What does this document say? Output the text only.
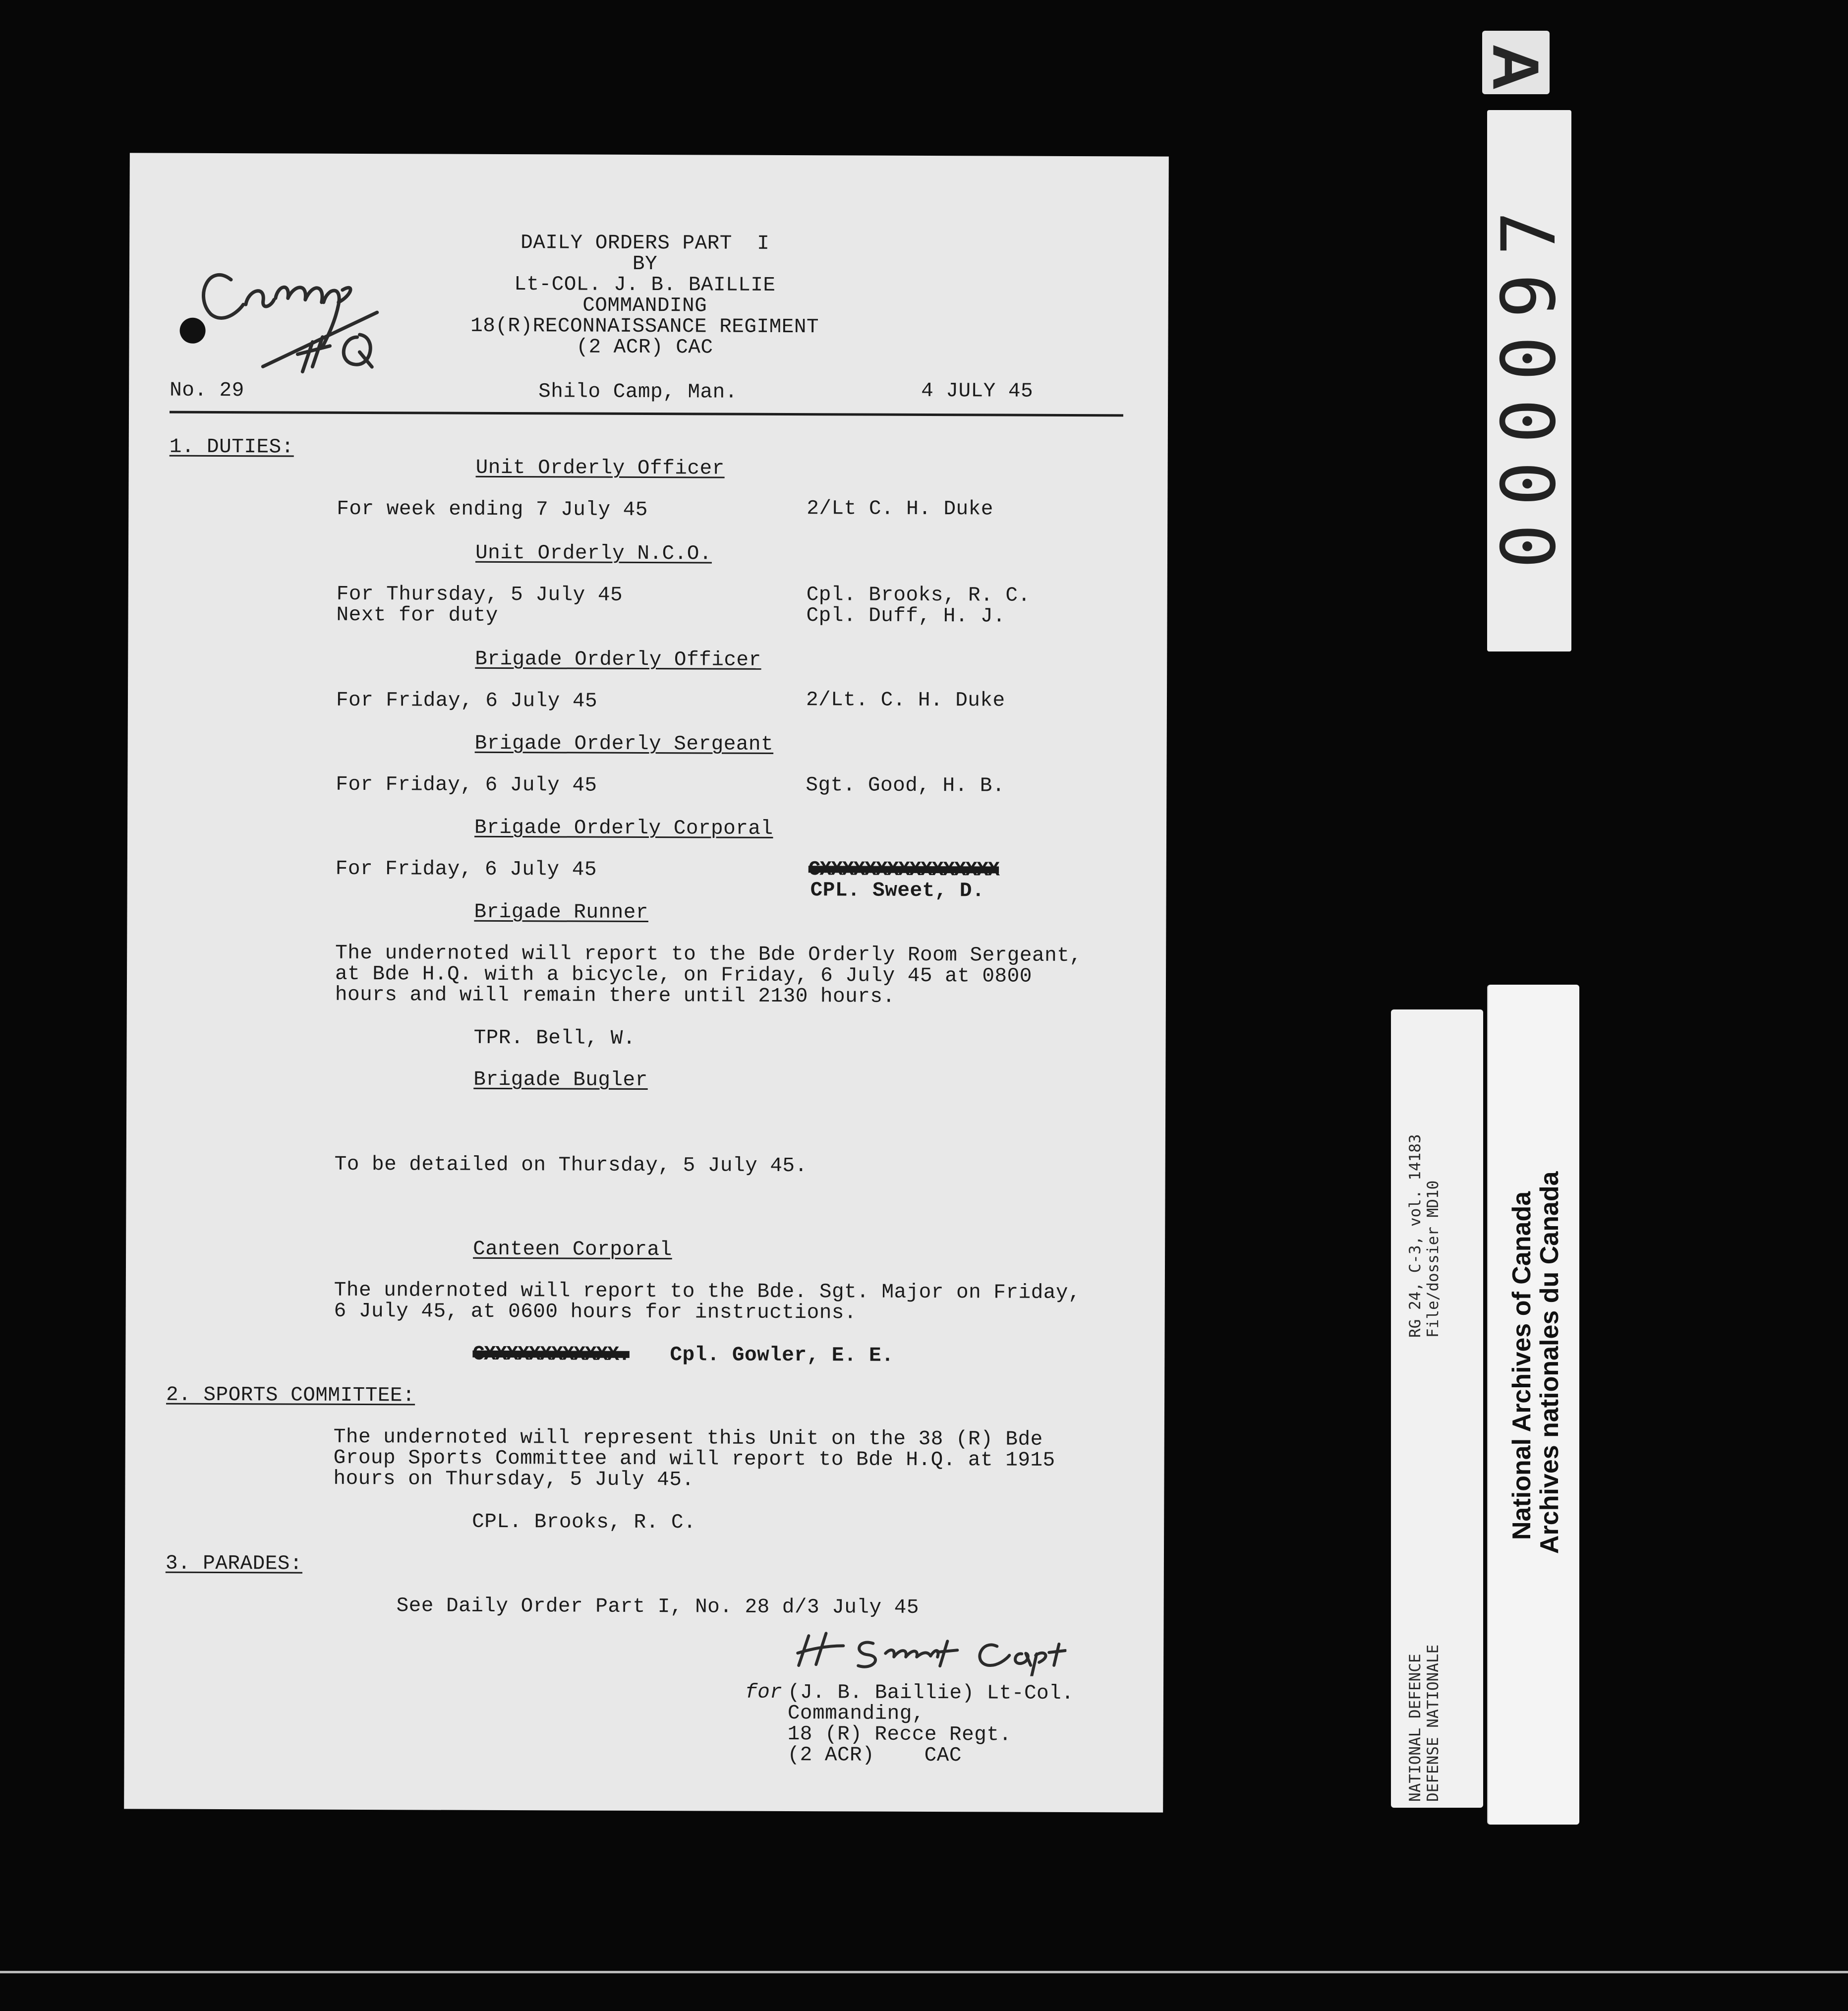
DAILY ORDERS PART  I
BY
Lt-COL. J. B. BAILLIE
COMMANDING
18(R)RECONNAISSANCE REGIMENT
(2 ACR) CAC
No. 29	Shilo Camp, Man.	4 JULY 45
1. DUTIES:
Unit Orderly Officer
For week ending 7 July 45	2/Lt C. H. Duke
Unit Orderly N.C.O.
For Thursday, 5 July 45	Cpl. Brooks, R. C.
Next for duty	Cpl. Duff, H. J.
Brigade Orderly Officer
For Friday, 6 July 45	2/Lt. C. H. Duke
Brigade Orderly Sergeant
For Friday, 6 July 45	Sgt. Good, H. B.
Brigade Orderly Corporal
For Friday, 6 July 45	CXXXXXXXXXXXXXXXX
CPL. Sweet, D.
Brigade Runner
The undernoted will report to the Bde Orderly Room Sergeant,
at Bde H.Q. with a bicycle, on Friday, 6 July 45 at 0800
hours and will remain there until 2130 hours.
TPR. Bell, W.
Brigade Bugler
To be detailed on Thursday, 5 July 45.
Canteen Corporal
The undernoted will report to the Bde. Sgt. Major on Friday,
6 July 45, at 0600 hours for instructions.
CXXXXXXXXXXXX. Cpl. Gowler, E. E.
2. SPORTS COMMITTEE:
The undernoted will represent this Unit on the 38 (R) Bde
Group Sports Committee and will report to Bde H.Q. at 1915
hours on Thursday, 5 July 45.
CPL. Brooks, R. C.
3. PARADES:
See Daily Order Part I, No. 28 d/3 July 45
for (J. B. Baillie) Lt-Col.
Commanding,
18 (R) Recce Regt.
(2 ACR)    CAC
A
000097
RG 24, C-3, vol. 14183 File/dossier MD10
NATIONAL DEFENCE DEFENSE NATIONALE
National Archives of Canada
Archives nationales du Canada
